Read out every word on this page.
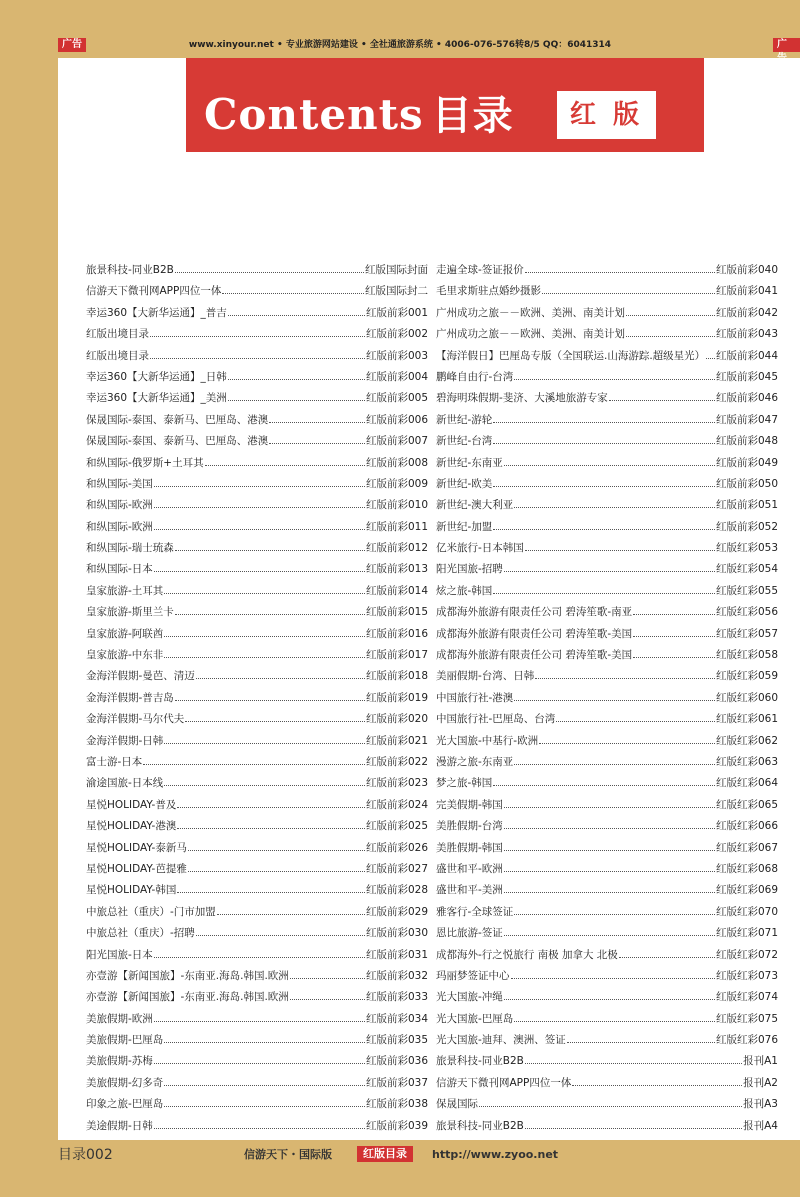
广告	www.xinyour.net • 专业旅游网站建设 • 全社通旅游系统 • 4006-076-576转8/5 QQ：6041314	广
Contents 目录	红 版
旅景科技-同业B2B	红版国际封面
信游天下微刊网APP四位一体	红版国际封二
幸运360【大新华运通】_普吉	红版前彩001
红版出境目录	红版前彩002
红版出境目录	红版前彩003
幸运360【大新华运通】_日韩	红版前彩004
幸运360【大新华运通】_美洲	红版前彩005
保晟国际-泰国、泰新马、巴厘岛、港澳	红版前彩006
保晟国际-泰国、泰新马、巴厘岛、港澳	红版前彩007
和纵国际-俄罗斯+土耳其	红版前彩008
和纵国际-美国	红版前彩009
和纵国际-欧洲	红版前彩010
和纵国际-欧洲	红版前彩011
和纵国际-瑞士琉森	红版前彩012
和纵国际-日本	红版前彩013
皇家旅游-土耳其	红版前彩014
皇家旅游-斯里兰卡	红版前彩015
皇家旅游-阿联酋	红版前彩016
皇家旅游-中东非	红版前彩017
金海洋假期-曼芭、清迈	红版前彩018
金海洋假期-普吉岛	红版前彩019
金海洋假期-马尔代夫	红版前彩020
金海洋假期-日韩	红版前彩021
富士游-日本	红版前彩022
渝途国旅-日本线	红版前彩023
星悦HOLIDAY-普及	红版前彩024
星悦HOLIDAY-港澳	红版前彩025
星悦HOLIDAY-泰新马	红版前彩026
星悦HOLIDAY-芭提雅	红版前彩027
星悦HOLIDAY-韩国	红版前彩028
中旅总社（重庆）-门市加盟	红版前彩029
中旅总社（重庆）-招聘	红版前彩030
阳光国旅-日本	红版前彩031
亦壹游【新闻国旅】-东南亚.海岛.韩国.欧洲	红版前彩032
亦壹游【新闻国旅】-东南亚.海岛.韩国.欧洲	红版前彩033
美旅假期-欧洲	红版前彩034
美旅假期-巴厘岛	红版前彩035
美旅假期-苏梅	红版前彩036
美旅假期-幻多奇	红版前彩037
印象之旅-巴厘岛	红版前彩038
美途假期-日韩	红版前彩039
走遍全球-签证报价	红版前彩040
毛里求斯驻点婚纱摄影	红版前彩041
广州成功之旅－－欧洲、美洲、南美计划	红版前彩042
广州成功之旅－－欧洲、美洲、南美计划	红版前彩043
【海洋假日】巴厘岛专版（全国联运.山海游踪.超级星光） 红版前彩044
鹏峰自由行-台湾	红版前彩045
碧海明珠假期-斐济、大溪地旅游专家	红版前彩046
新世纪-游轮	红版前彩047
新世纪-台湾	红版前彩048
新世纪-东南亚	红版前彩049
新世纪-欧美	红版前彩050
新世纪-澳大利亚	红版前彩051
新世纪-加盟	红版前彩052
亿米旅行-日本韩国	红版红彩053
阳光国旅-招聘	红版红彩054
炫之旅-韩国	红版红彩055
成都海外旅游有限责任公司 碧涛笙歌-南亚	红版红彩056
成都海外旅游有限责任公司 碧涛笙歌-美国	红版红彩057
成都海外旅游有限责任公司 碧涛笙歌-美国	红版红彩058
美丽假期-台湾、日韩	红版红彩059
中国旅行社-港澳	红版红彩060
中国旅行社-巴厘岛、台湾	红版红彩061
光大国旅-中基行-欧洲	红版红彩062
漫游之旅-东南亚	红版红彩063
梦之旅-韩国	红版红彩064
完美假期-韩国	红版红彩065
美胜假期-台湾	红版红彩066
美胜假期-韩国	红版红彩067
盛世和平-欧洲	红版红彩068
盛世和平-美洲	红版红彩069
雅客行-全球签证	红版红彩070
恩比旅游-签证	红版红彩071
成都海外-行之悦旅行 南极 加拿大 北极	红版红彩072
玛丽梦签证中心	红版红彩073
光大国旅-冲绳	红版红彩074
光大国旅-巴厘岛	红版红彩075
光大国旅-迪拜、澳洲、签证	红版红彩076
旅景科技-同业B2B	报刊A1
信游天下微刊网APP四位一体	报刊A2
保晟国际	报刊A3
旅景科技-同业B2B	报刊A4
目录002	信游天下・国际版	红版目录	http://www.zyoo.net
